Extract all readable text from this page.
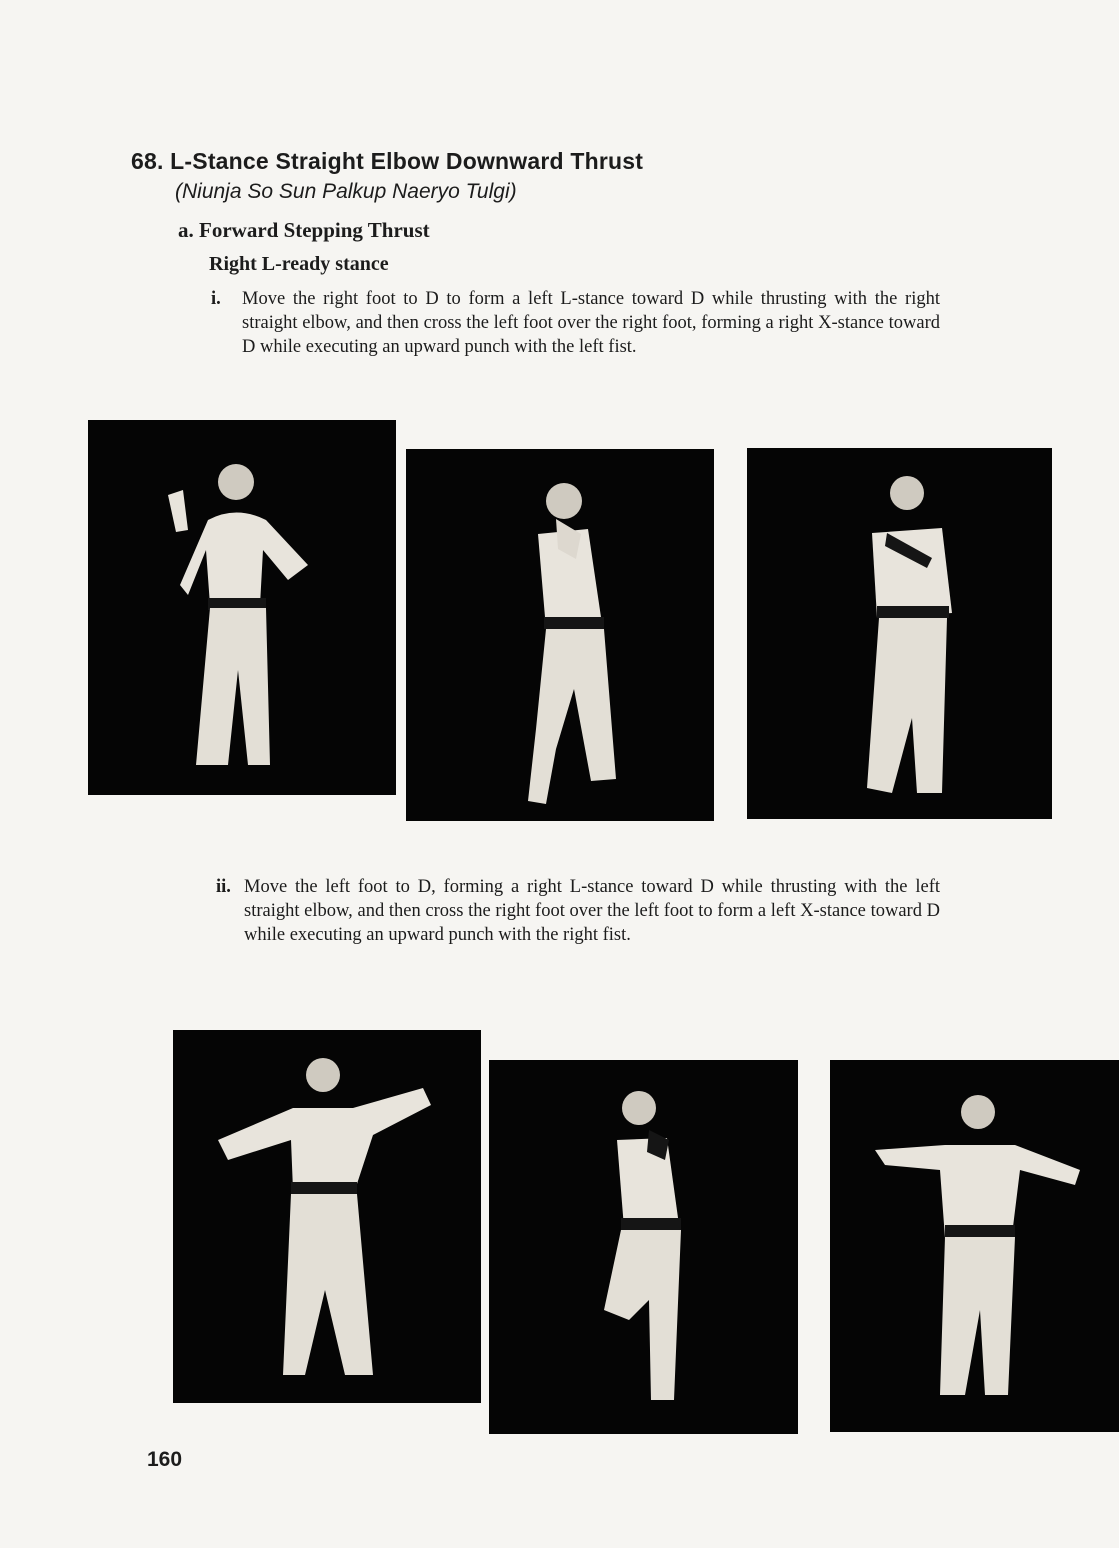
68. L-Stance Straight Elbow Downward Thrust
(Niunja So Sun Palkup Naeryo Tulgi)
a. Forward Stepping Thrust
Right L-ready stance
i. Move the right foot to D to form a left L-stance toward D while thrusting with the right straight elbow, and then cross the left foot over the right foot, forming a right X-stance toward D while executing an upward punch with the left fist.
ii. Move the left foot to D, forming a right L-stance toward D while thrusting with the left straight elbow, and then cross the right foot over the left foot to form a left X-stance toward D while executing an upward punch with the right fist.
160
